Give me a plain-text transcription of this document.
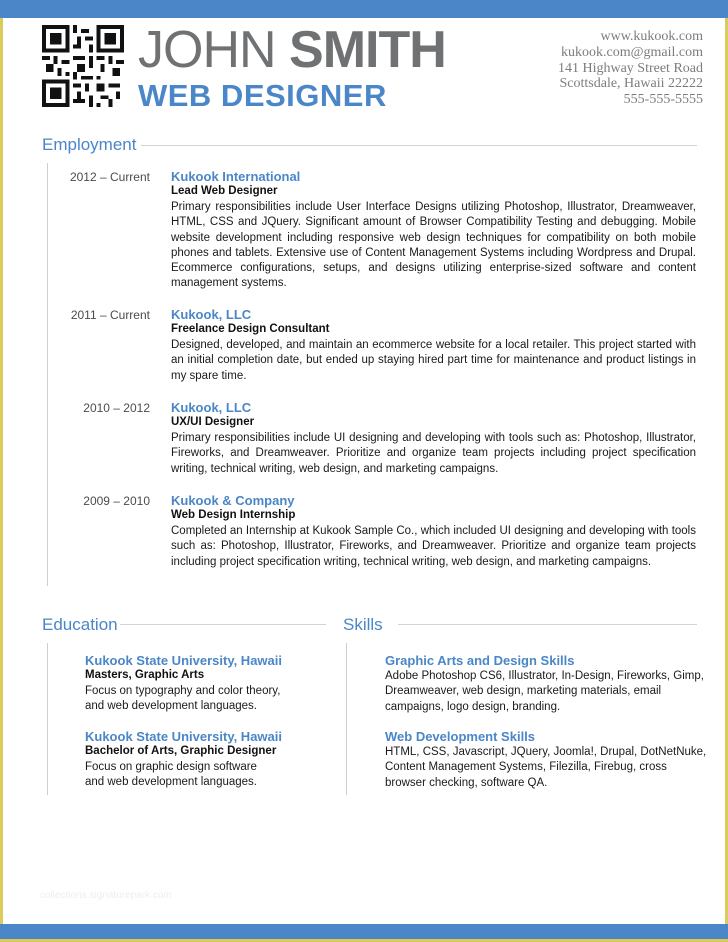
JOHN SMITH
WEB DESIGNER
www.kukook.com
kukook.com@gmail.com
141 Highway Street Road
Scottsdale, Hawaii 22222
555-555-5555
Employment
2012 – Current Kukook International
Lead Web Designer
Primary responsibilities include User Interface Designs utilizing Photoshop, Illustrator, Dreamweaver, HTML, CSS and JQuery. Significant amount of Browser Compatibility Testing and debugging. Mobile website development including responsive web design techniques for compatibility on both mobile phones and tablets. Extensive use of Content Management Systems including Wordpress and Drupal. Ecommerce configurations, setups, and designs utilizing enterprise-sized software and content management systems.
2011 – Current Kukook, LLC
Freelance Design Consultant
Designed, developed, and maintain an ecommerce website for a local retailer. This project started with an initial completion date, but ended up staying hired part time for maintenance and product listings in my spare time.
2010 – 2012 Kukook, LLC
UX/UI Designer
Primary responsibilities include UI designing and developing with tools such as: Photoshop, Illustrator, Fireworks, and Dreamweaver. Prioritize and organize team projects including project specification writing, technical writing, web design, and marketing campaigns.
2009 – 2010 Kukook & Company
Web Design Internship
Completed an Internship at Kukook Sample Co., which included UI designing and developing with tools such as: Photoshop, Illustrator, Fireworks, and Dreamweaver. Prioritize and organize team projects including project specification writing, technical writing, web design, and marketing campaigns.
Education
Kukook State University, Hawaii
Masters, Graphic Arts
Focus on typography and color theory,
and web development languages.
Kukook State University, Hawaii
Bachelor of Arts, Graphic Designer
Focus on graphic design software
and web development languages.
Skills
Graphic Arts and Design Skills
Adobe Photoshop CS6, Illustrator, In-Design, Fireworks, Gimp,
Dreamweaver, web design, marketing materials, email
campaigns, logo design, branding.
Web Development Skills
HTML, CSS, Javascript, JQuery, Joomla!, Drupal, DotNetNuke,
Content Management Systems, Filezilla, Firebug, cross
browser checking, software QA.
collections.signaturepark.com
